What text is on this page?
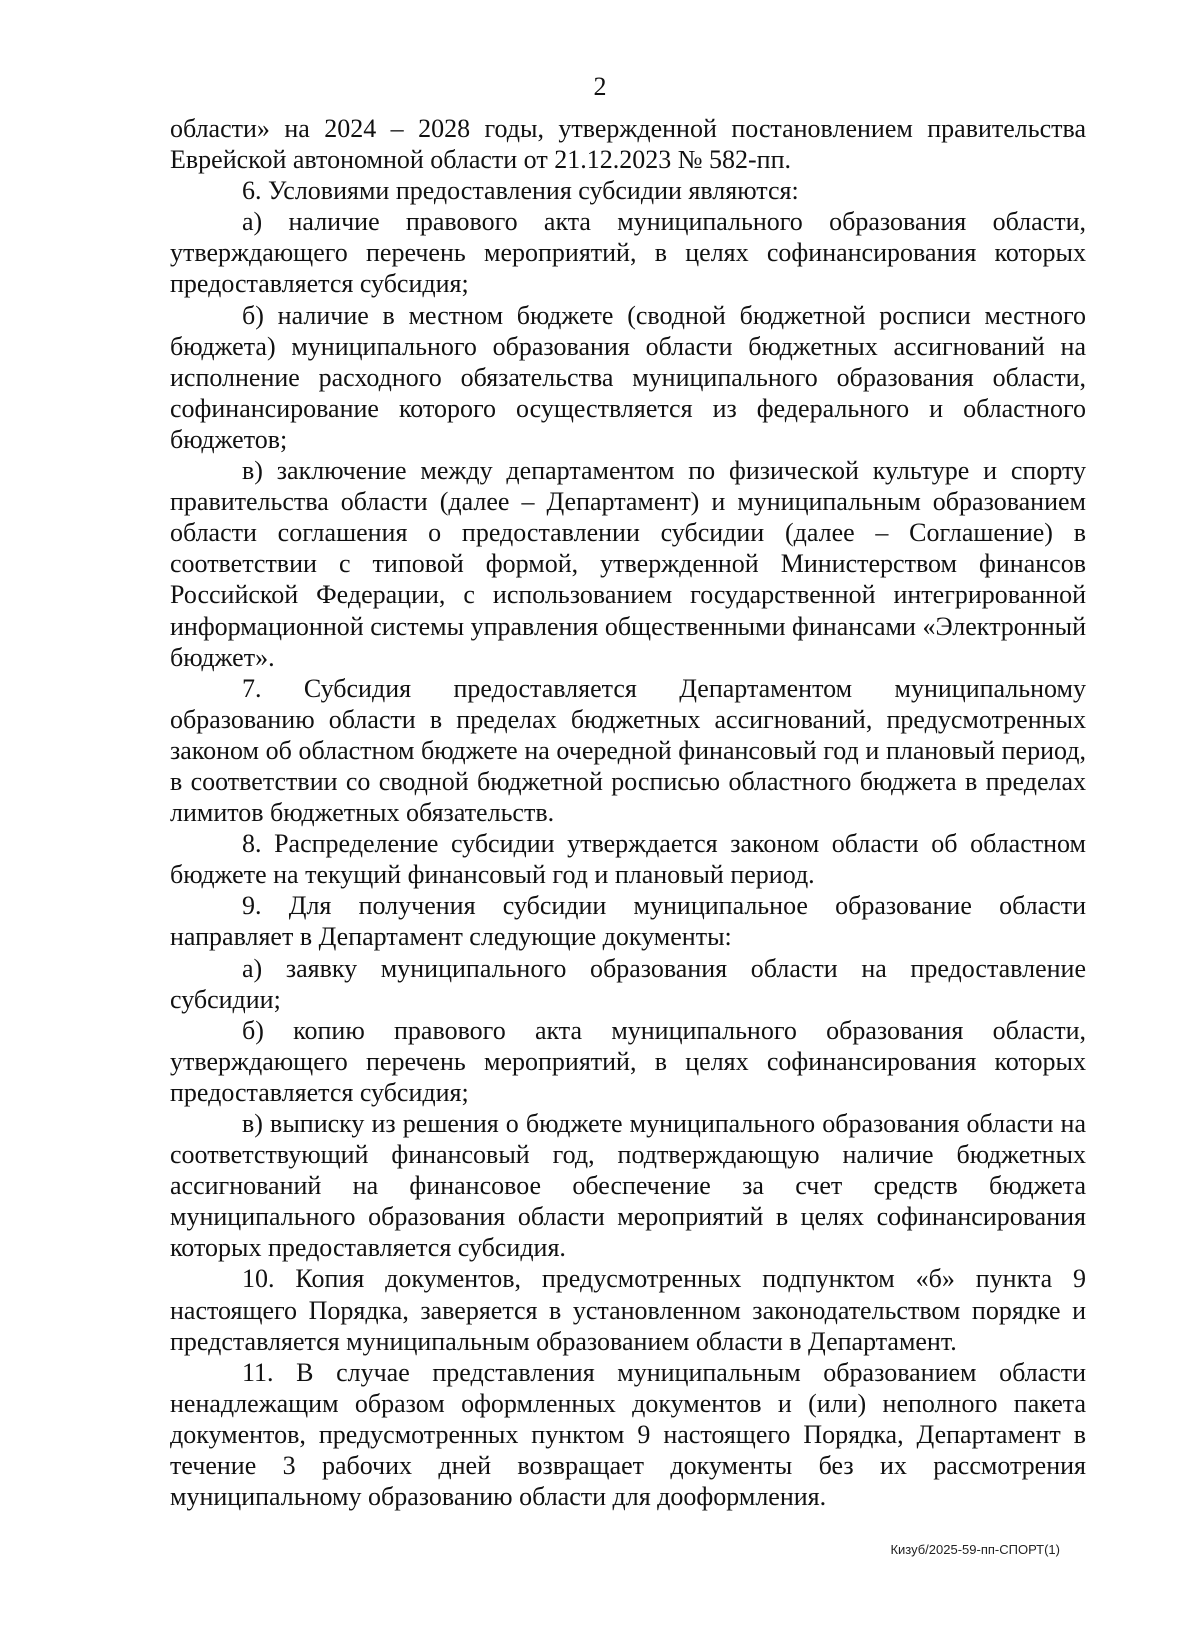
2

области» на 2024 – 2028 годы, утвержденной постановлением правительства Еврейской автономной области от 21.12.2023 № 582-пп.

6. Условиями предоставления субсидии являются:

а) наличие правового акта муниципального образования области, утверждающего перечень мероприятий, в целях софинансирования которых предоставляется субсидия;

б) наличие в местном бюджете (сводной бюджетной росписи местного бюджета) муниципального образования области бюджетных ассигнований на исполнение расходного обязательства муниципального образования области, софинансирование которого осуществляется из федерального и областного бюджетов;

в) заключение между департаментом по физической культуре и спорту правительства области (далее – Департамент) и муниципальным образованием области соглашения о предоставлении субсидии (далее – Соглашение) в соответствии с типовой формой, утвержденной Министерством финансов Российской Федерации, с использованием государственной интегрированной информационной системы управления общественными финансами «Электронный бюджет».

7. Субсидия предоставляется Департаментом муниципальному образованию области в пределах бюджетных ассигнований, предусмотренных законом об областном бюджете на очередной финансовый год и плановый период, в соответствии со сводной бюджетной росписью областного бюджета в пределах лимитов бюджетных обязательств.

8. Распределение субсидии утверждается законом области об областном бюджете на текущий финансовый год и плановый период.

9. Для получения субсидии муниципальное образование области направляет в Департамент следующие документы:

а) заявку муниципального образования области на предоставление субсидии;

б) копию правового акта муниципального образования области, утверждающего перечень мероприятий, в целях софинансирования которых предоставляется субсидия;

в) выписку из решения о бюджете муниципального образования области на соответствующий финансовый год, подтверждающую наличие бюджетных ассигнований на финансовое обеспечение за счет средств бюджета муниципального образования области мероприятий в целях софинансирования которых предоставляется субсидия.

10. Копия документов, предусмотренных подпунктом «б» пункта 9 настоящего Порядка, заверяется в установленном законодательством порядке и представляется муниципальным образованием области в Департамент.

11. В случае представления муниципальным образованием области ненадлежащим образом оформленных документов и (или) неполного пакета документов, предусмотренных пунктом 9 настоящего Порядка, Департамент в течение 3 рабочих дней возвращает документы без их рассмотрения муниципальному образованию области для дооформления.

Кизуб/2025-59-пп-СПОРТ(1)
